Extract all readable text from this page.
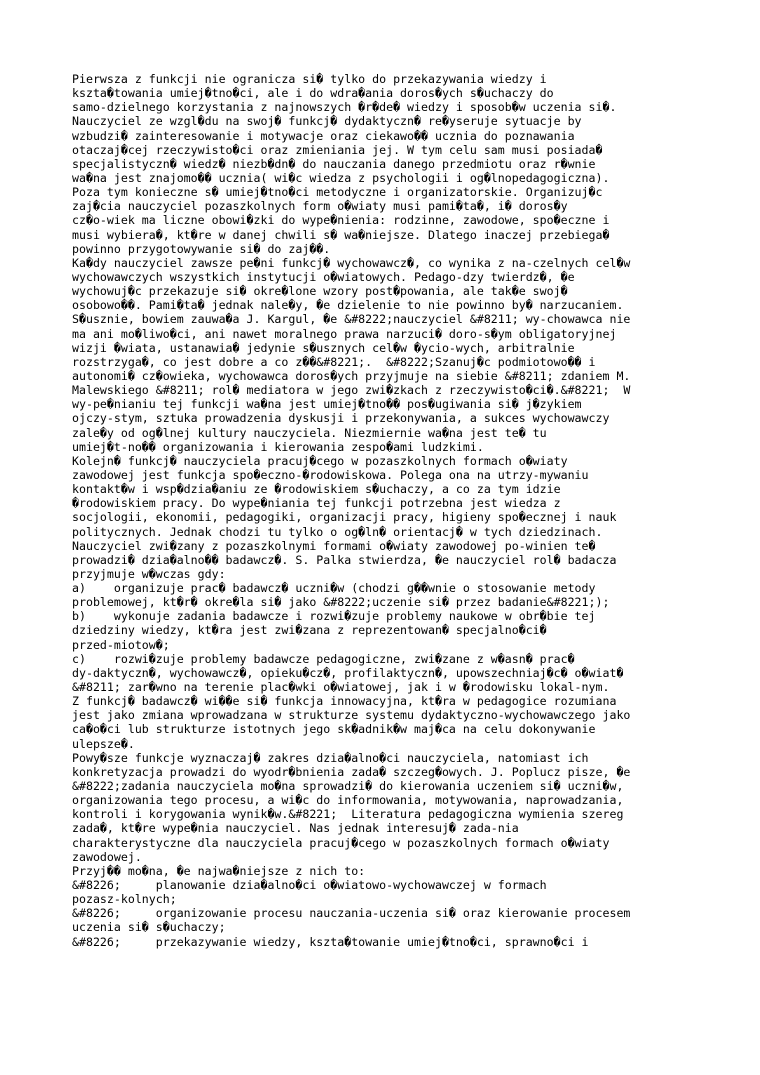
Pierwsza z funkcji nie ogranicza si� tylko do przekazywania wiedzy i
kszta�towania umiej�tno�ci, ale i do wdra�ania doros�ych s�uchaczy do
samo-dzielnego korzystania z najnowszych �r�de� wiedzy i sposob�w uczenia si�.
Nauczyciel ze wzgl�du na swoj� funkcj� dydaktyczn� re�yseruje sytuacje by
wzbudzi� zainteresowanie i motywacje oraz ciekawo�� ucznia do poznawania
otaczaj�cej rzeczywisto�ci oraz zmieniania jej. W tym celu sam musi posiada�
specjalistyczn� wiedz� niezb�dn� do nauczania danego przedmiotu oraz r�wnie
wa�na jest znajomo�� ucznia( wi�c wiedza z psychologii i og�lnopedagogiczna).
Poza tym konieczne s� umiej�tno�ci metodyczne i organizatorskie. Organizuj�c
zaj�cia nauczyciel pozaszkolnych form o�wiaty musi pami�ta�, i� doros�y
cz�o-wiek ma liczne obowi�zki do wype�nienia: rodzinne, zawodowe, spo�eczne i
musi wybiera�, kt�re w danej chwili s� wa�niejsze. Dlatego inaczej przebiega�
powinno przygotowywanie si� do zaj��.
Ka�dy nauczyciel zawsze pe�ni funkcj� wychowawcz�, co wynika z na-czelnych cel�w
wychowawczych wszystkich instytucji o�wiatowych. Pedago-dzy twierdz�, �e
wychowuj�c przekazuje si� okre�lone wzory post�powania, ale tak�e swoj�
osobowo��. Pami�ta� jednak nale�y, �e dzielenie to nie powinno by� narzucaniem.
S�usznie, bowiem zauwa�a J. Kargul, �e &#8222;nauczyciel &#8211; wy-chowawca nie
ma ani mo�liwo�ci, ani nawet moralnego prawa narzuci� doro-s�ym obligatoryjnej
wizji �wiata, ustanawia� jedynie s�usznych cel�w �ycio-wych, arbitralnie
rozstrzyga�, co jest dobre a co z��&#8221;.  &#8222;Szanuj�c podmiotowo�� i
autonomi� cz�owieka, wychowawca doros�ych przyjmuje na siebie &#8211; zdaniem M.
Malewskiego &#8211; rol� mediatora w jego zwi�zkach z rzeczywisto�ci�.&#8221;  W
wy-pe�nianiu tej funkcji wa�na jest umiej�tno�� pos�ugiwania si� j�zykiem
ojczy-stym, sztuka prowadzenia dyskusji i przekonywania, a sukces wychowawczy
zale�y od og�lnej kultury nauczyciela. Niezmiernie wa�na jest te� tu
umiej�t-no�� organizowania i kierowania zespo�ami ludzkimi.
Kolejn� funkcj� nauczyciela pracuj�cego w pozaszkolnych formach o�wiaty
zawodowej jest funkcja spo�eczno-�rodowiskowa. Polega ona na utrzy-mywaniu
kontakt�w i wsp�dzia�aniu ze �rodowiskiem s�uchaczy, a co za tym idzie
�rodowiskiem pracy. Do wype�niania tej funkcji potrzebna jest wiedza z
socjologii, ekonomii, pedagogiki, organizacji pracy, higieny spo�ecznej i nauk
politycznych. Jednak chodzi tu tylko o og�ln� orientacj� w tych dziedzinach.
Nauczyciel zwi�zany z pozaszkolnymi formami o�wiaty zawodowej po-winien te�
prowadzi� dzia�alno�� badawcz�. S. Palka stwierdza, �e nauczyciel rol� badacza
przyjmuje w�wczas gdy:
a)    organizuje prac� badawcz� uczni�w (chodzi g��wnie o stosowanie metody
problemowej, kt�r� okre�la si� jako &#8222;uczenie si� przez badanie&#8221;);
b)    wykonuje zadania badawcze i rozwi�zuje problemy naukowe w obr�bie tej
dziedziny wiedzy, kt�ra jest zwi�zana z reprezentowan� specjalno�ci�
przed-miotow�;
c)    rozwi�zuje problemy badawcze pedagogiczne, zwi�zane z w�asn� prac�
dy-daktyczn�, wychowawcz�, opieku�cz�, profilaktyczn�, upowszechniaj�c� o�wiat�
&#8211; zar�wno na terenie plac�wki o�wiatowej, jak i w �rodowisku lokal-nym.
Z funkcj� badawcz� wi��e si� funkcja innowacyjna, kt�ra w pedagogice rozumiana
jest jako zmiana wprowadzana w strukturze systemu dydaktyczno-wychowawczego jako
ca�o�ci lub strukturze istotnych jego sk�adnik�w maj�ca na celu dokonywanie
ulepsze�.
Powy�sze funkcje wyznaczaj� zakres dzia�alno�ci nauczyciela, natomiast ich
konkretyzacja prowadzi do wyodr�bnienia zada� szczeg�owych. J. Poplucz pisze, �e
&#8222;zadania nauczyciela mo�na sprowadzi� do kierowania uczeniem si� uczni�w,
organizowania tego procesu, a wi�c do informowania, motywowania, naprowadzania,
kontroli i korygowania wynik�w.&#8221;  Literatura pedagogiczna wymienia szereg
zada�, kt�re wype�nia nauczyciel. Nas jednak interesuj� zada-nia
charakterystyczne dla nauczyciela pracuj�cego w pozaszkolnych formach o�wiaty
zawodowej.
Przyj�� mo�na, �e najwa�niejsze z nich to:
&#8226;     planowanie dzia�alno�ci o�wiatowo-wychowawczej w formach
pozasz-kolnych;
&#8226;     organizowanie procesu nauczania-uczenia si� oraz kierowanie procesem
uczenia si� s�uchaczy;
&#8226;     przekazywanie wiedzy, kszta�towanie umiej�tno�ci, sprawno�ci i
